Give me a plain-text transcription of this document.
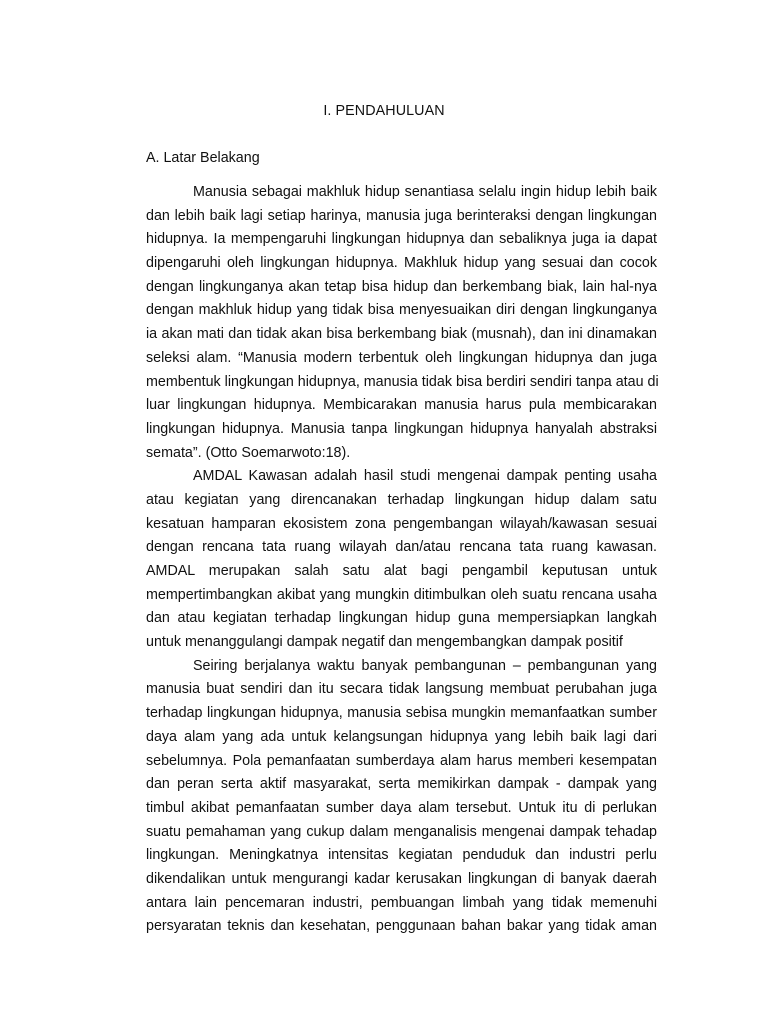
I. PENDAHULUAN
A. Latar Belakang
Manusia sebagai makhluk hidup senantiasa selalu ingin hidup lebih baik
dan lebih baik lagi setiap harinya, manusia juga berinteraksi dengan lingkungan
hidupnya. Ia mempengaruhi lingkungan hidupnya dan sebaliknya juga ia dapat
dipengaruhi oleh lingkungan hidupnya. Makhluk hidup yang sesuai dan cocok
dengan lingkunganya akan tetap bisa hidup dan berkembang biak, lain hal-nya
dengan makhluk hidup yang tidak bisa menyesuaikan diri dengan lingkunganya
ia akan mati dan tidak akan bisa berkembang biak (musnah), dan ini dinamakan
seleksi alam. “Manusia modern terbentuk oleh lingkungan hidupnya dan juga
membentuk lingkungan hidupnya, manusia tidak bisa berdiri sendiri tanpa atau di
luar lingkungan hidupnya. Membicarakan manusia harus pula membicarakan
lingkungan hidupnya. Manusia tanpa lingkungan hidupnya hanyalah abstraksi
semata”. (Otto Soemarwoto:18).
AMDAL Kawasan adalah hasil studi mengenai dampak penting usaha
atau kegiatan yang direncanakan terhadap lingkungan hidup dalam satu
kesatuan hamparan ekosistem zona pengembangan wilayah/kawasan sesuai
dengan rencana tata ruang wilayah dan/atau rencana tata ruang kawasan.
AMDAL merupakan salah satu alat bagi pengambil keputusan untuk
mempertimbangkan akibat yang mungkin ditimbulkan oleh suatu rencana usaha
dan atau kegiatan terhadap lingkungan hidup guna mempersiapkan langkah
untuk menanggulangi dampak negatif dan mengembangkan dampak positif
Seiring berjalanya waktu banyak pembangunan – pembangunan yang
manusia buat sendiri dan itu secara tidak langsung membuat perubahan juga
terhadap lingkungan hidupnya, manusia sebisa mungkin memanfaatkan sumber
daya alam yang ada untuk kelangsungan hidupnya yang lebih baik lagi dari
sebelumnya. Pola pemanfaatan sumberdaya alam harus memberi kesempatan
dan peran serta aktif masyarakat, serta memikirkan dampak - dampak yang
timbul akibat pemanfaatan sumber daya alam tersebut. Untuk itu di perlukan
suatu pemahaman yang cukup dalam menganalisis mengenai dampak tehadap
lingkungan. Meningkatnya intensitas kegiatan penduduk dan industri perlu
dikendalikan untuk mengurangi kadar kerusakan lingkungan di banyak daerah
antara lain pencemaran industri, pembuangan limbah yang tidak memenuhi
persyaratan teknis dan kesehatan, penggunaan bahan bakar yang tidak aman
